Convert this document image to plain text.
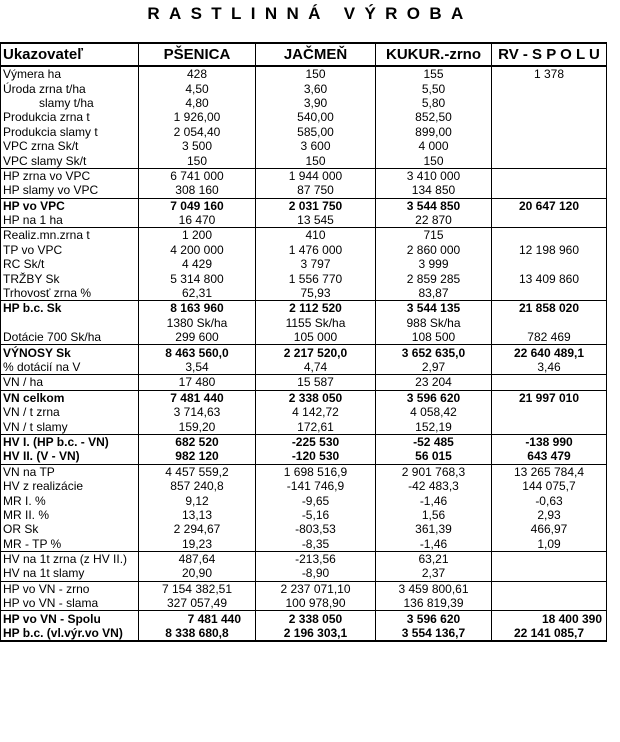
RASTLINNÁ VÝROBA
Ukazovateľ	PŠENICA	JAČMEŇ	KUKUR.-zrno	RV - S P O L U
Výmera ha	428	150	155	1 378
Úroda zrna t/ha	4,50	3,60	5,50	
slamy t/ha	4,80	3,90	5,80	
Produkcia zrna t	1 926,00	540,00	852,50	
Produkcia slamy t	2 054,40	585,00	899,00	
VPC zrna Sk/t	3 500	3 600	4 000	
VPC slamy Sk/t	150	150	150	
HP zrna vo VPC	6 741 000	1 944 000	3 410 000	
HP slamy vo VPC	308 160	87 750	134 850	
HP vo VPC	7 049 160	2 031 750	3 544 850	20 647 120
HP na 1 ha	16 470	13 545	22 870	
Realiz.mn.zrna t	1 200	410	715	
TP vo VPC	4 200 000	1 476 000	2 860 000	12 198 960
RC Sk/t	4 429	3 797	3 999	
TRŽBY Sk	5 314 800	1 556 770	2 859 285	13 409 860
Trhovosť zrna %	62,31	75,93	83,87	
HP b.c. Sk	8 163 960	2 112 520	3 544 135	21 858 020
	1380 Sk/ha	1155 Sk/ha	988 Sk/ha	
Dotácie 700 Sk/ha	299 600	105 000	108 500	782 469
VÝNOSY Sk	8 463 560,0	2 217 520,0	3 652 635,0	22 640 489,1
% dotácií na V	3,54	4,74	2,97	3,46
VN / ha	17 480	15 587	23 204	
VN celkom	7 481 440	2 338 050	3 596 620	21 997 010
VN / t zrna	3 714,63	4 142,72	4 058,42	
VN / t slamy	159,20	172,61	152,19	
HV I. (HP b.c. - VN)	682 520	-225 530	-52 485	-138 990
HV II. (V - VN)	982 120	-120 530	56 015	643 479
VN na TP	4 457 559,2	1 698 516,9	2 901 768,3	13 265 784,4
HV z realizácie	857 240,8	-141 746,9	-42 483,3	144 075,7
MR I. %	9,12	-9,65	-1,46	-0,63
MR II. %	13,13	-5,16	1,56	2,93
OR Sk	2 294,67	-803,53	361,39	466,97
MR - TP %	19,23	-8,35	-1,46	1,09
HV na 1t zrna (z HV II.)	487,64	-213,56	63,21	
HV na 1t slamy	20,90	-8,90	2,37	
HP vo VN - zrno	7 154 382,51	2 237 071,10	3 459 800,61	
HP vo VN - slama	327 057,49	100 978,90	136 819,39	
HP vo VN - Spolu	7 481 440	2 338 050	3 596 620	18 400 390
HP b.c. (vl.výr.vo VN)	8 338 680,8	2 196 303,1	3 554 136,7	22 141 085,7
